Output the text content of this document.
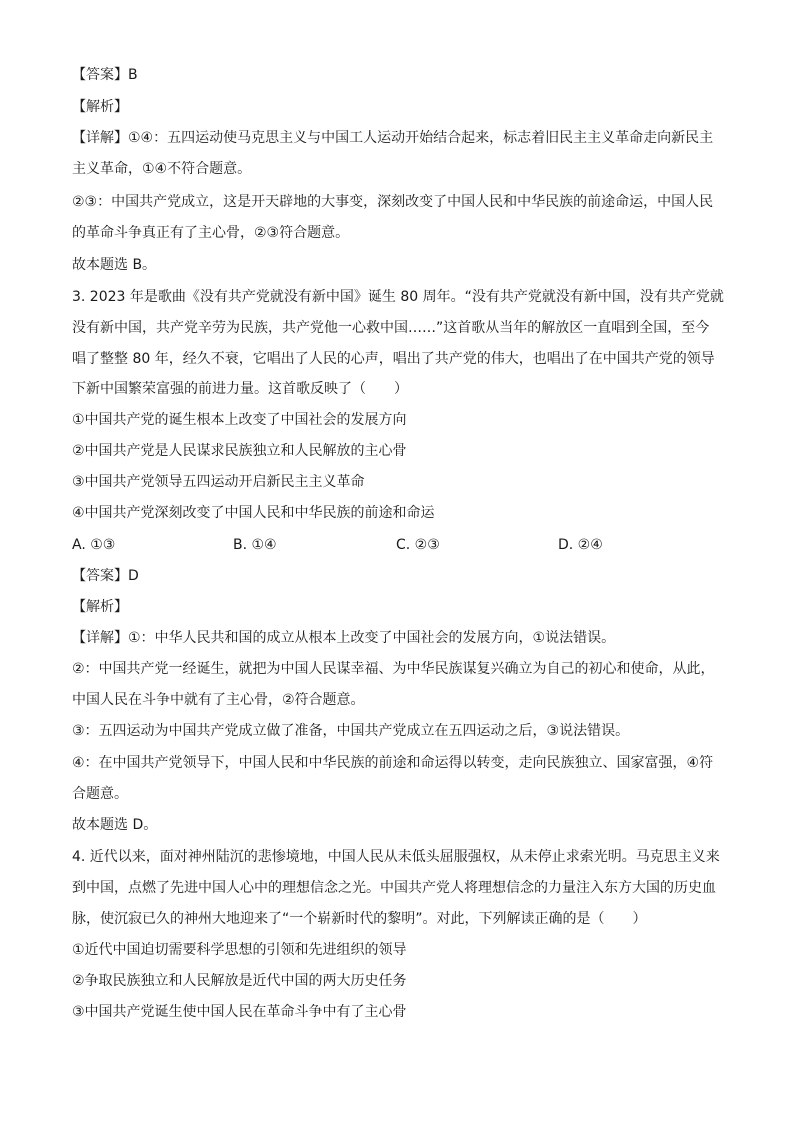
【答案】B
【解析】
【详解】①④：五四运动使马克思主义与中国工人运动开始结合起来，标志着旧民主主义革命走向新民主
主义革命，①④不符合题意。
②③：中国共产党成立，这是开天辟地的大事变，深刻改变了中国人民和中华民族的前途命运，中国人民
的革命斗争真正有了主心骨，②③符合题意。
故本题选 B。
3. 2023 年是歌曲《没有共产党就没有新中国》诞生 80 周年。“没有共产党就没有新中国，没有共产党就
没有新中国，共产党辛劳为民族，共产党他一心救中国……”这首歌从当年的解放区一直唱到全国，至今
唱了整整 80 年，经久不衰，它唱出了人民的心声，唱出了共产党的伟大，也唱出了在中国共产党的领导
下新中国繁荣富强的前进力量。这首歌反映了（　　）
①中国共产党的诞生根本上改变了中国社会的发展方向
②中国共产党是人民谋求民族独立和人民解放的主心骨
③中国共产党领导五四运动开启新民主主义革命
④中国共产党深刻改变了中国人民和中华民族的前途和命运
A. ①③	B. ①④	C. ②③	D. ②④
【答案】D
【解析】
【详解】①：中华人民共和国的成立从根本上改变了中国社会的发展方向，①说法错误。
②：中国共产党一经诞生，就把为中国人民谋幸福、为中华民族谋复兴确立为自己的初心和使命，从此，
中国人民在斗争中就有了主心骨，②符合题意。
③：五四运动为中国共产党成立做了准备，中国共产党成立在五四运动之后，③说法错误。
④：在中国共产党领导下，中国人民和中华民族的前途和命运得以转变，走向民族独立、国家富强，④符
合题意。
故本题选 D。
4. 近代以来，面对神州陆沉的悲惨境地，中国人民从未低头屈服强权，从未停止求索光明。马克思主义来
到中国，点燃了先进中国人心中的理想信念之光。中国共产党人将理想信念的力量注入东方大国的历史血
脉，使沉寂已久的神州大地迎来了“一个崭新时代的黎明”。对此，下列解读正确的是（　　）
①近代中国迫切需要科学思想的引领和先进组织的领导
②争取民族独立和人民解放是近代中国的两大历史任务
③中国共产党诞生使中国人民在革命斗争中有了主心骨
